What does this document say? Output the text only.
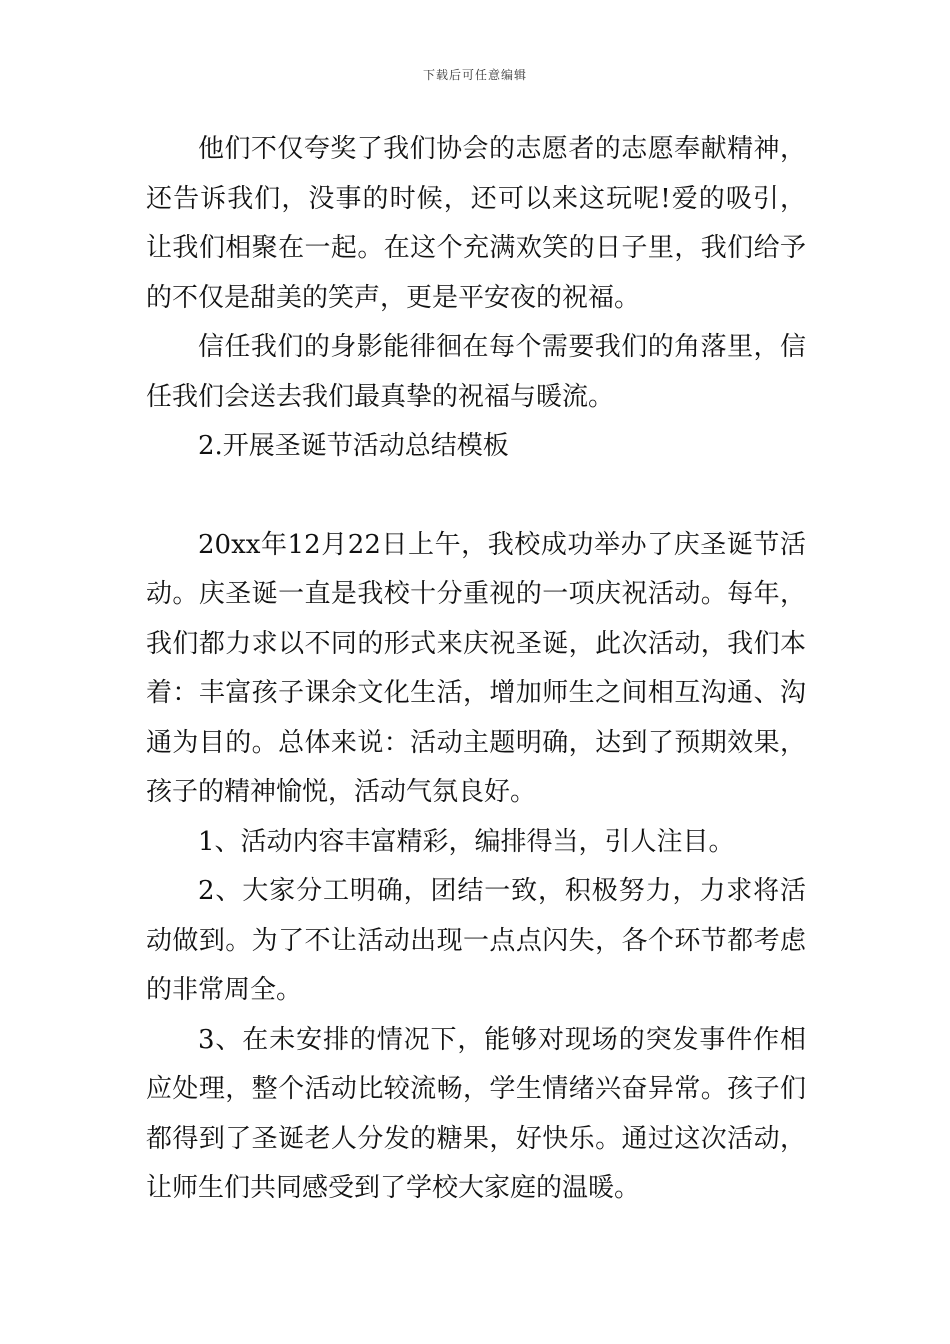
下载后可任意编辑

他们不仅夸奖了我们协会的志愿者的志愿奉献精神，还告诉我们，没事的时候，还可以来这玩呢!爱的吸引，让我们相聚在一起。在这个充满欢笑的日子里，我们给予的不仅是甜美的笑声，更是平安夜的祝福。

信任我们的身影能徘徊在每个需要我们的角落里，信任我们会送去我们最真挚的祝福与暖流。

2.开展圣诞节活动总结模板

20xx年12月22日上午，我校成功举办了庆圣诞节活动。庆圣诞一直是我校十分重视的一项庆祝活动。每年，我们都力求以不同的形式来庆祝圣诞，此次活动，我们本着：丰富孩子课余文化生活，增加师生之间相互沟通、沟通为目的。总体来说：活动主题明确，达到了预期效果，孩子的精神愉悦，活动气氛良好。

1、活动内容丰富精彩，编排得当，引人注目。

2、大家分工明确，团结一致，积极努力，力求将活动做到。为了不让活动出现一点点闪失，各个环节都考虑的非常周全。

3、在未安排的情况下，能够对现场的突发事件作相应处理，整个活动比较流畅，学生情绪兴奋异常。孩子们都得到了圣诞老人分发的糖果，好快乐。通过这次活动，让师生们共同感受到了学校大家庭的温暖。
